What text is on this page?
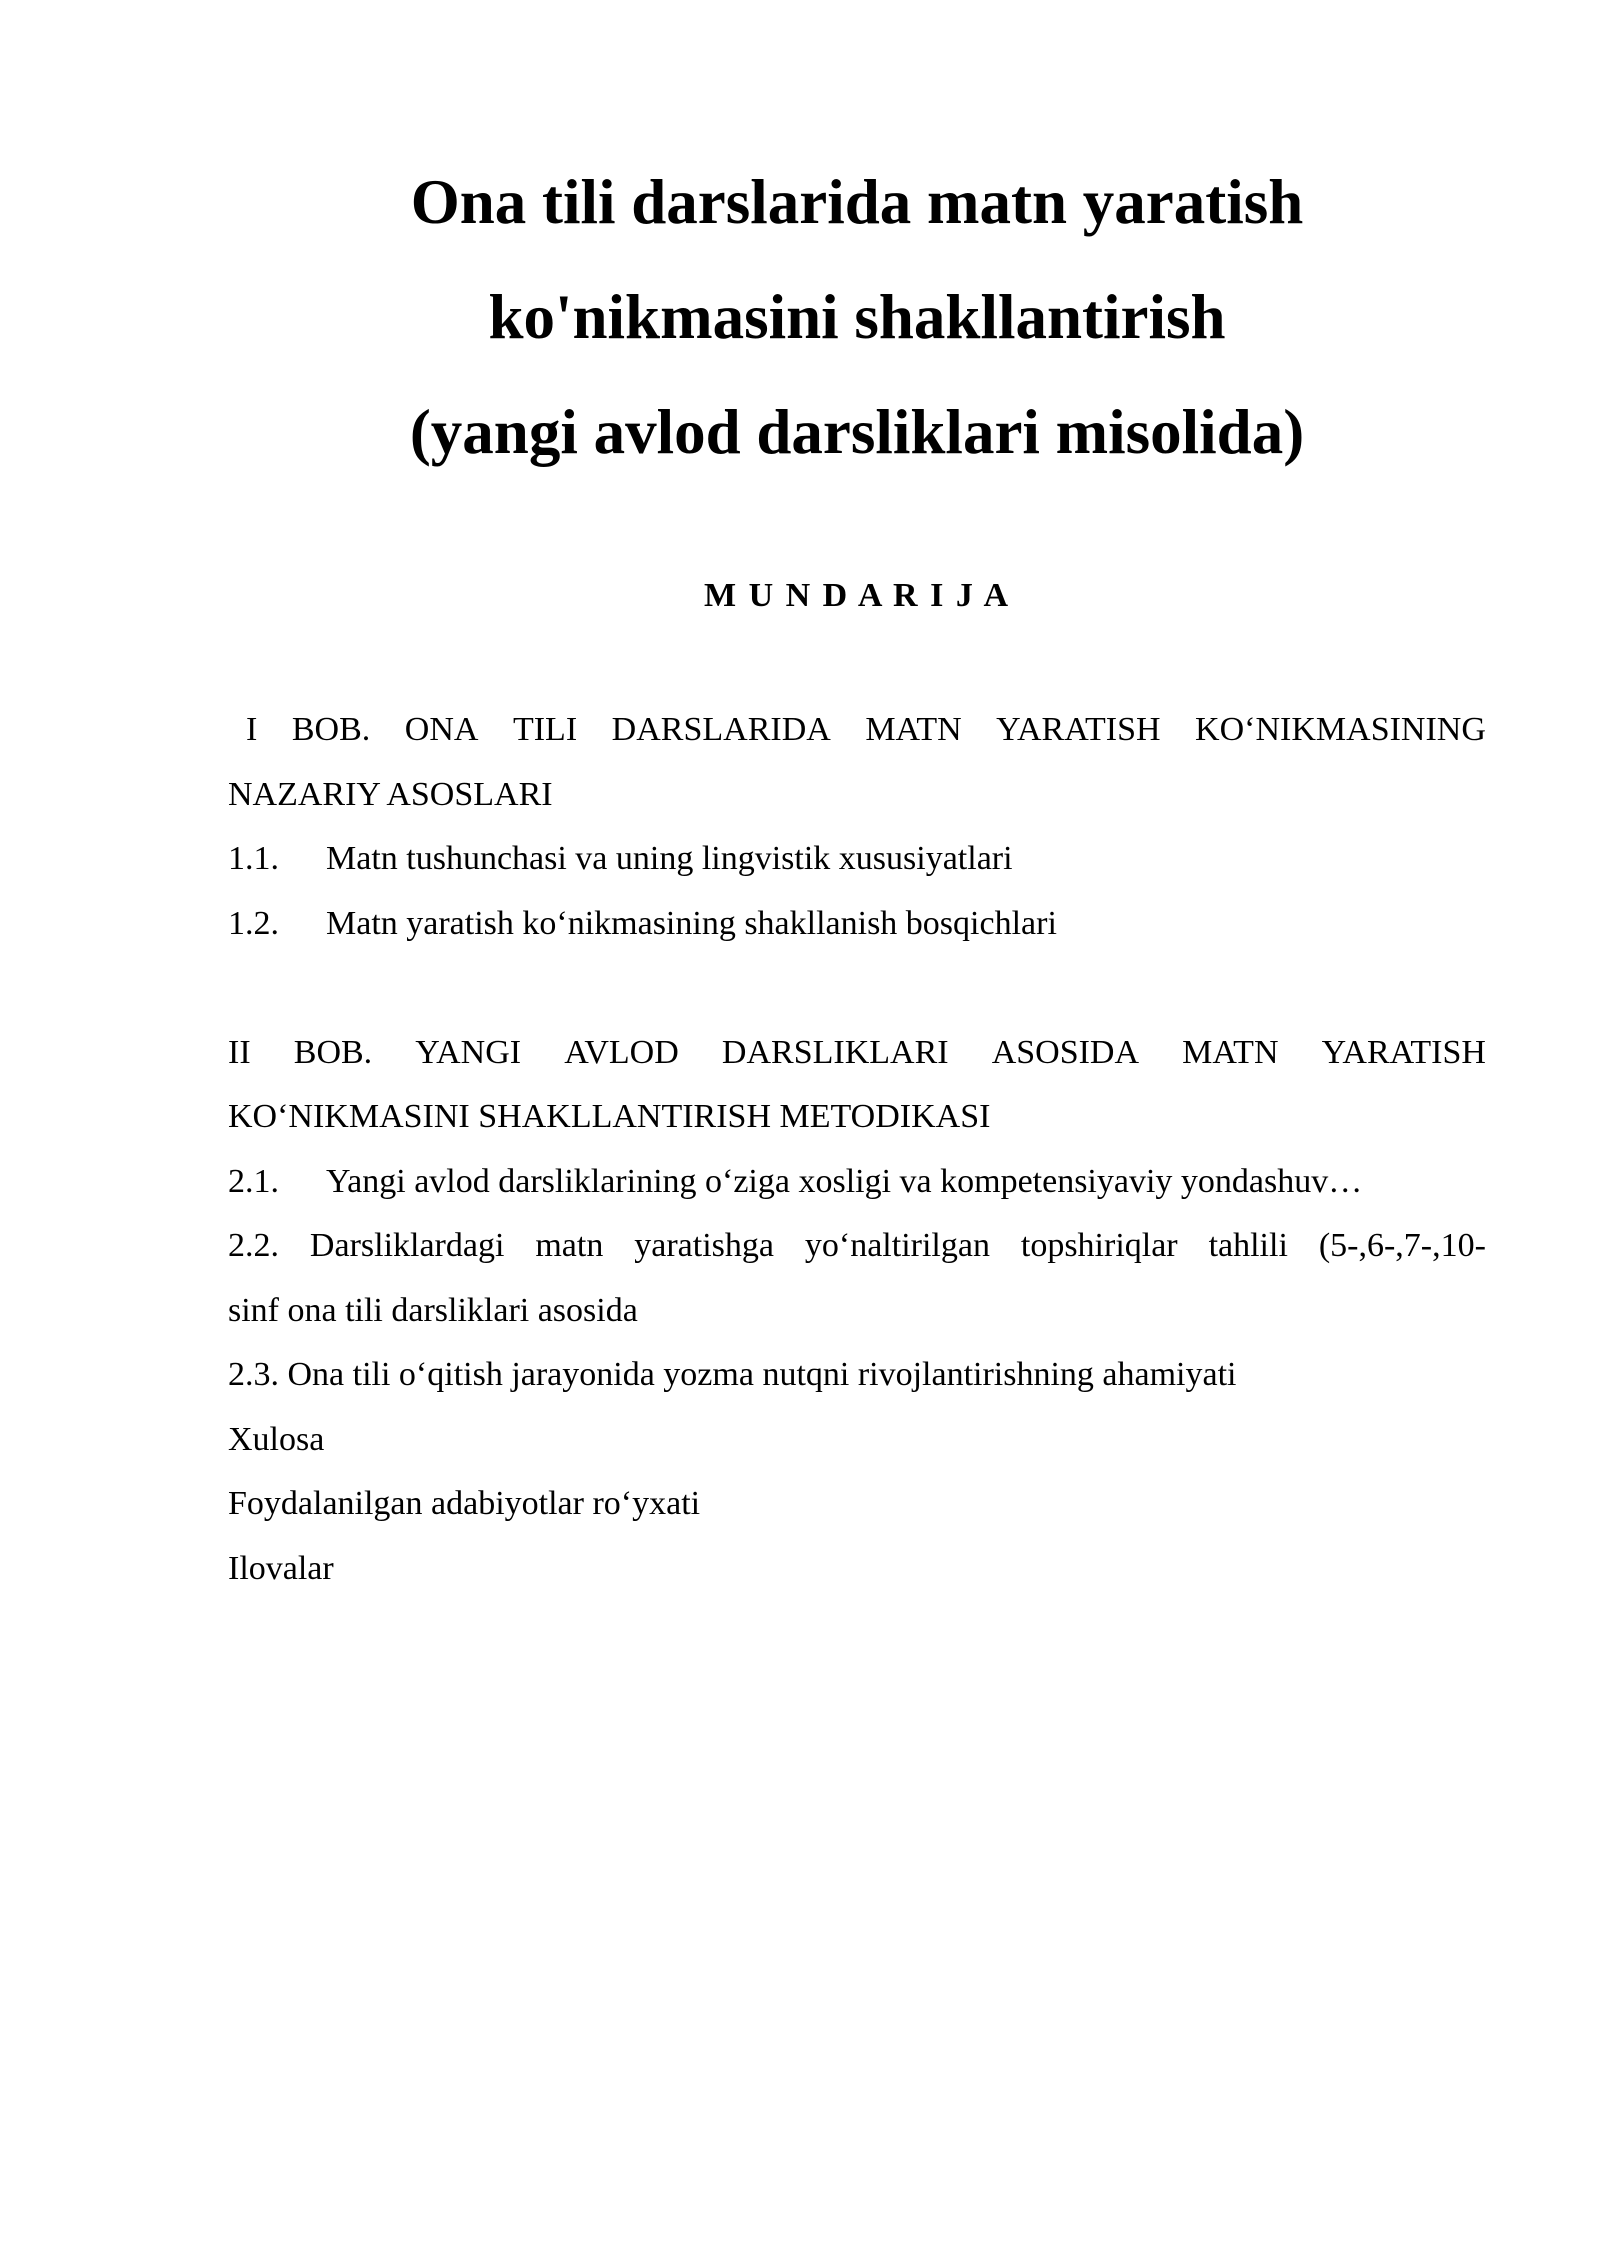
Ona tili darslarida matn yaratish
ko'nikmasini shakllantirish
(yangi avlod darsliklari misolida)
M U N D A R I J A
I BOB. ONA TILI DARSLARIDA MATN YARATISH KOʻNIKMASINING
NAZARIY ASOSLARI
1.1. Matn tushunchasi va uning lingvistik xususiyatlari
1.2. Matn yaratish koʻnikmasining shakllanish bosqichlari
II BOB. YANGI AVLOD DARSLIKLARI ASOSIDA MATN YARATISH
KOʻNIKMASINI SHAKLLANTIRISH METODIKASI
2.1. Yangi avlod darsliklarining oʻziga xosligi va kompetensiyaviy yondashuv…
2.2. Darsliklardagi matn yaratishga yoʻnaltirilgan topshiriqlar tahlili (5-,6-,7-,10-
sinf ona tili darsliklari asosida
2.3. Ona tili oʻqitish jarayonida yozma nutqni rivojlantirishning ahamiyati
Xulosa
Foydalanilgan adabiyotlar roʻyxati
Ilovalar
